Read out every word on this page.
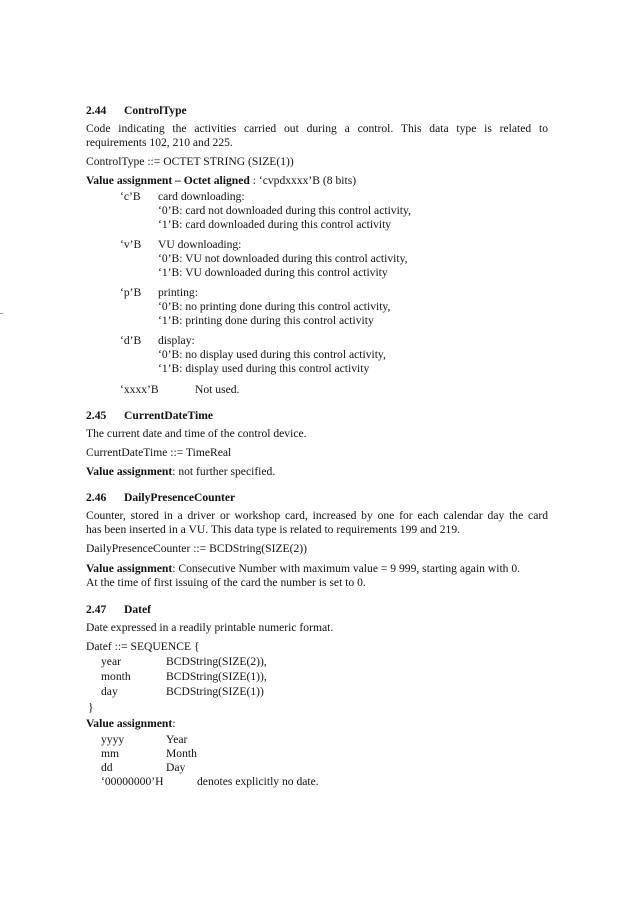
2.44 ControlType
Code indicating the activities carried out during a control. This data type is related to
requirements 102, 210 and 225.
ControlType ::= OCTET STRING (SIZE(1))
Value assignment – Octet aligned : ‘cvpdxxxx’B (8 bits)
‘c’B card downloading:
‘0’B: card not downloaded during this control activity,
‘1’B: card downloaded during this control activity
‘v’B VU downloading:
‘0’B: VU not downloaded during this control activity,
‘1’B: VU downloaded during this control activity
‘p’B printing:
‘0’B: no printing done during this control activity,
‘1’B: printing done during this control activity
‘d’B display:
‘0’B: no display used during this control activity,
‘1’B: display used during this control activity
‘xxxx’B	Not used.
2.45 CurrentDateTime
The current date and time of the control device.
CurrentDateTime ::= TimeReal
Value assignment: not further specified.
2.46 DailyPresenceCounter
Counter, stored in a driver or workshop card, increased by one for each calendar day the card
has been inserted in a VU. This data type is related to requirements 199 and 219.
DailyPresenceCounter ::= BCDString(SIZE(2))
Value assignment: Consecutive Number with maximum value = 9 999, starting again with 0.
At the time of first issuing of the card the number is set to 0.
2.47 Datef
Date expressed in a readily printable numeric format.
Datef ::= SEQUENCE {
year	BCDString(SIZE(2)),
month	BCDString(SIZE(1)),
day	BCDString(SIZE(1))
}
Value assignment:
yyyy	Year
mm	Month
dd	Day
‘00000000’H	denotes explicitly no date.
